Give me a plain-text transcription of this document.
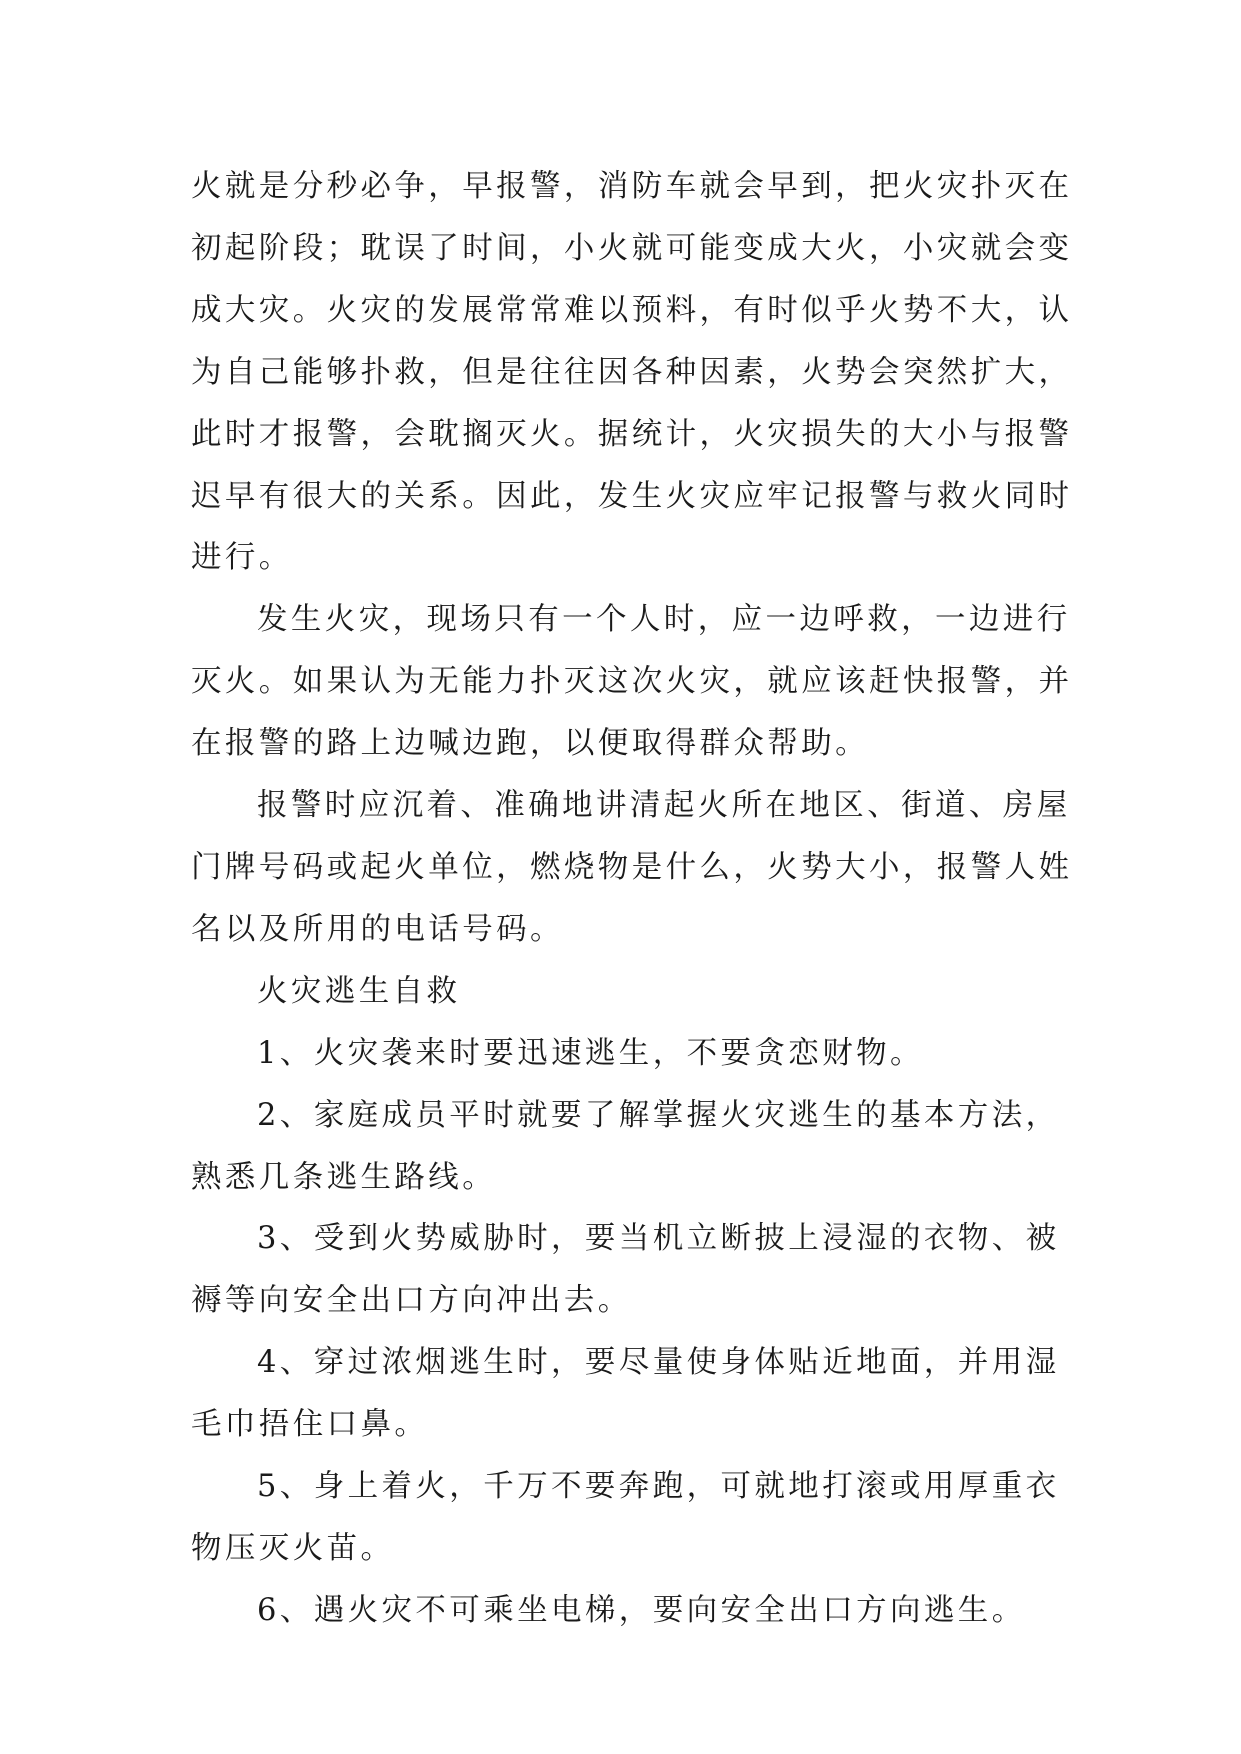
火就是分秒必争，早报警，消防车就会早到，把火灾扑灭在
初起阶段；耽误了时间，小火就可能变成大火，小灾就会变
成大灾。火灾的发展常常难以预料，有时似乎火势不大，认
为自己能够扑救，但是往往因各种因素，火势会突然扩大，
此时才报警，会耽搁灭火。据统计，火灾损失的大小与报警
迟早有很大的关系。因此，发生火灾应牢记报警与救火同时
进行。

发生火灾，现场只有一个人时，应一边呼救，一边进行
灭火。如果认为无能力扑灭这次火灾，就应该赶快报警，并
在报警的路上边喊边跑，以便取得群众帮助。

报警时应沉着、准确地讲清起火所在地区、街道、房屋
门牌号码或起火单位，燃烧物是什么，火势大小，报警人姓
名以及所用的电话号码。

火灾逃生自救

1、火灾袭来时要迅速逃生，不要贪恋财物。

2、家庭成员平时就要了解掌握火灾逃生的基本方法，
熟悉几条逃生路线。

3、受到火势威胁时，要当机立断披上浸湿的衣物、被
褥等向安全出口方向冲出去。

4、穿过浓烟逃生时，要尽量使身体贴近地面，并用湿
毛巾捂住口鼻。

5、身上着火，千万不要奔跑，可就地打滚或用厚重衣
物压灭火苗。

6、遇火灾不可乘坐电梯，要向安全出口方向逃生。
